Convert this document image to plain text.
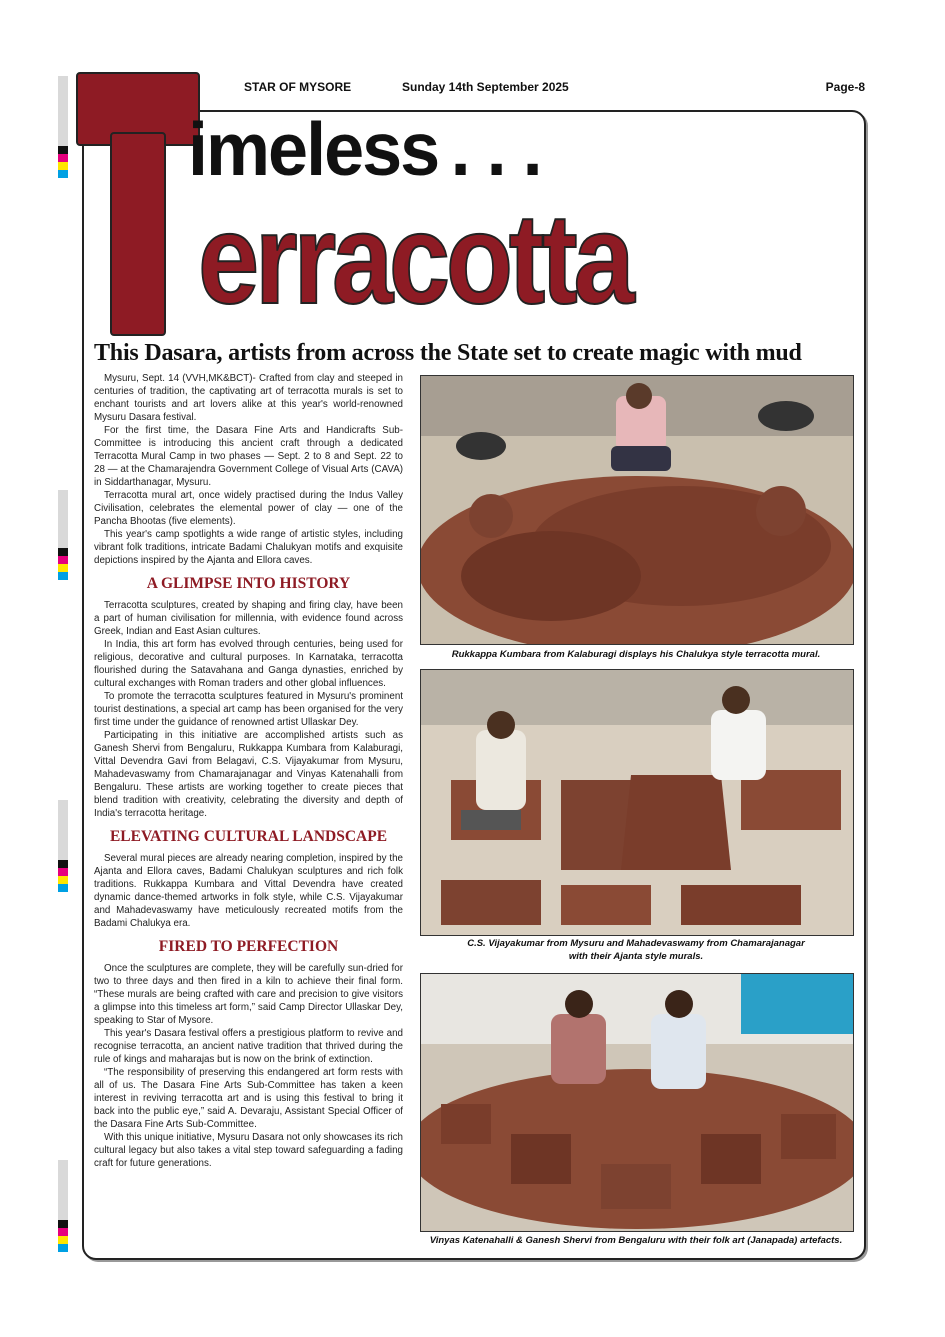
STAR OF MYSORE	Sunday 14th September 2025	Page-8
imeless . . .
erracotta
This Dasara, artists from across the State set to create magic with mud

Mysuru, Sept. 14 (VVH,MK&BCT)- Crafted from clay and steeped in centuries of tradition, the captivating art of terracotta murals is set to enchant tourists and art lovers alike at this year's world-renowned Mysuru Dasara festival.

For the first time, the Dasara Fine Arts and Handicrafts Sub-Committee is introducing this ancient craft through a dedicated Terracotta Mural Camp in two phases — Sept. 2 to 8 and Sept. 22 to 28 — at the Chamarajendra Government College of Visual Arts (CAVA) in Siddarthanagar, Mysuru.

Terracotta mural art, once widely practised during the Indus Valley Civilisation, celebrates the elemental power of clay — one of the Pancha Bhootas (five elements).

This year's camp spotlights a wide range of artistic styles, including vibrant folk traditions, intricate Badami Chalukyan motifs and exquisite depictions inspired by the Ajanta and Ellora caves.

A GLIMPSE INTO HISTORY

Terracotta sculptures, created by shaping and firing clay, have been a part of human civilisation for millennia, with evidence found across Greek, Indian and East Asian cultures.

In India, this art form has evolved through centuries, being used for religious, decorative and cultural purposes. In Karnataka, terracotta flourished during the Satavahana and Ganga dynasties, enriched by cultural exchanges with Roman traders and other global influences.

To promote the terracotta sculptures featured in Mysuru's prominent tourist destinations, a special art camp has been organised for the very first time under the guidance of renowned artist Ullaskar Dey.

Participating in this initiative are accomplished artists such as Ganesh Shervi from Bengaluru, Rukkappa Kumbara from Kalaburagi, Vittal Devendra Gavi from Belagavi, C.S. Vijayakumar from Mysuru, Mahadevaswamy from Chamarajanagar and Vinyas Katenahalli from Bengaluru. These artists are working together to create pieces that blend tradition with creativity, celebrating the diversity and depth of India's terracotta heritage.

ELEVATING CULTURAL LANDSCAPE

Several mural pieces are already nearing completion, inspired by the Ajanta and Ellora caves, Badami Chalukyan sculptures and rich folk traditions. Rukkappa Kumbara and Vittal Devendra have created dynamic dance-themed artworks in folk style, while C.S. Vijayakumar and Mahadevaswamy have meticulously recreated motifs from the Badami Chalukya era.

FIRED TO PERFECTION

Once the sculptures are complete, they will be carefully sun-dried for two to three days and then fired in a kiln to achieve their final form. “These murals are being crafted with care and precision to give visitors a glimpse into this timeless art form,” said Camp Director Ullaskar Dey, speaking to Star of Mysore.

This year's Dasara festival offers a prestigious platform to revive and recognise terracotta, an ancient native tradition that thrived during the rule of kings and maharajas but is now on the brink of extinction.

“The responsibility of preserving this endangered art form rests with all of us. The Dasara Fine Arts Sub-Committee has taken a keen interest in reviving terracotta art and is using this festival to bring it back into the public eye,” said A. Devaraju, Assistant Special Officer of the Dasara Fine Arts Sub-Committee.

With this unique initiative, Mysuru Dasara not only showcases its rich cultural legacy but also takes a vital step toward safeguarding a fading craft for future generations.

Rukkappa Kumbara from Kalaburagi displays his Chalukya style terracotta mural.
C.S. Vijayakumar from Mysuru and Mahadevaswamy from Chamarajanagar
with their Ajanta style murals.
Vinyas Katenahalli & Ganesh Shervi from Bengaluru with their folk art (Janapada) artefacts.
